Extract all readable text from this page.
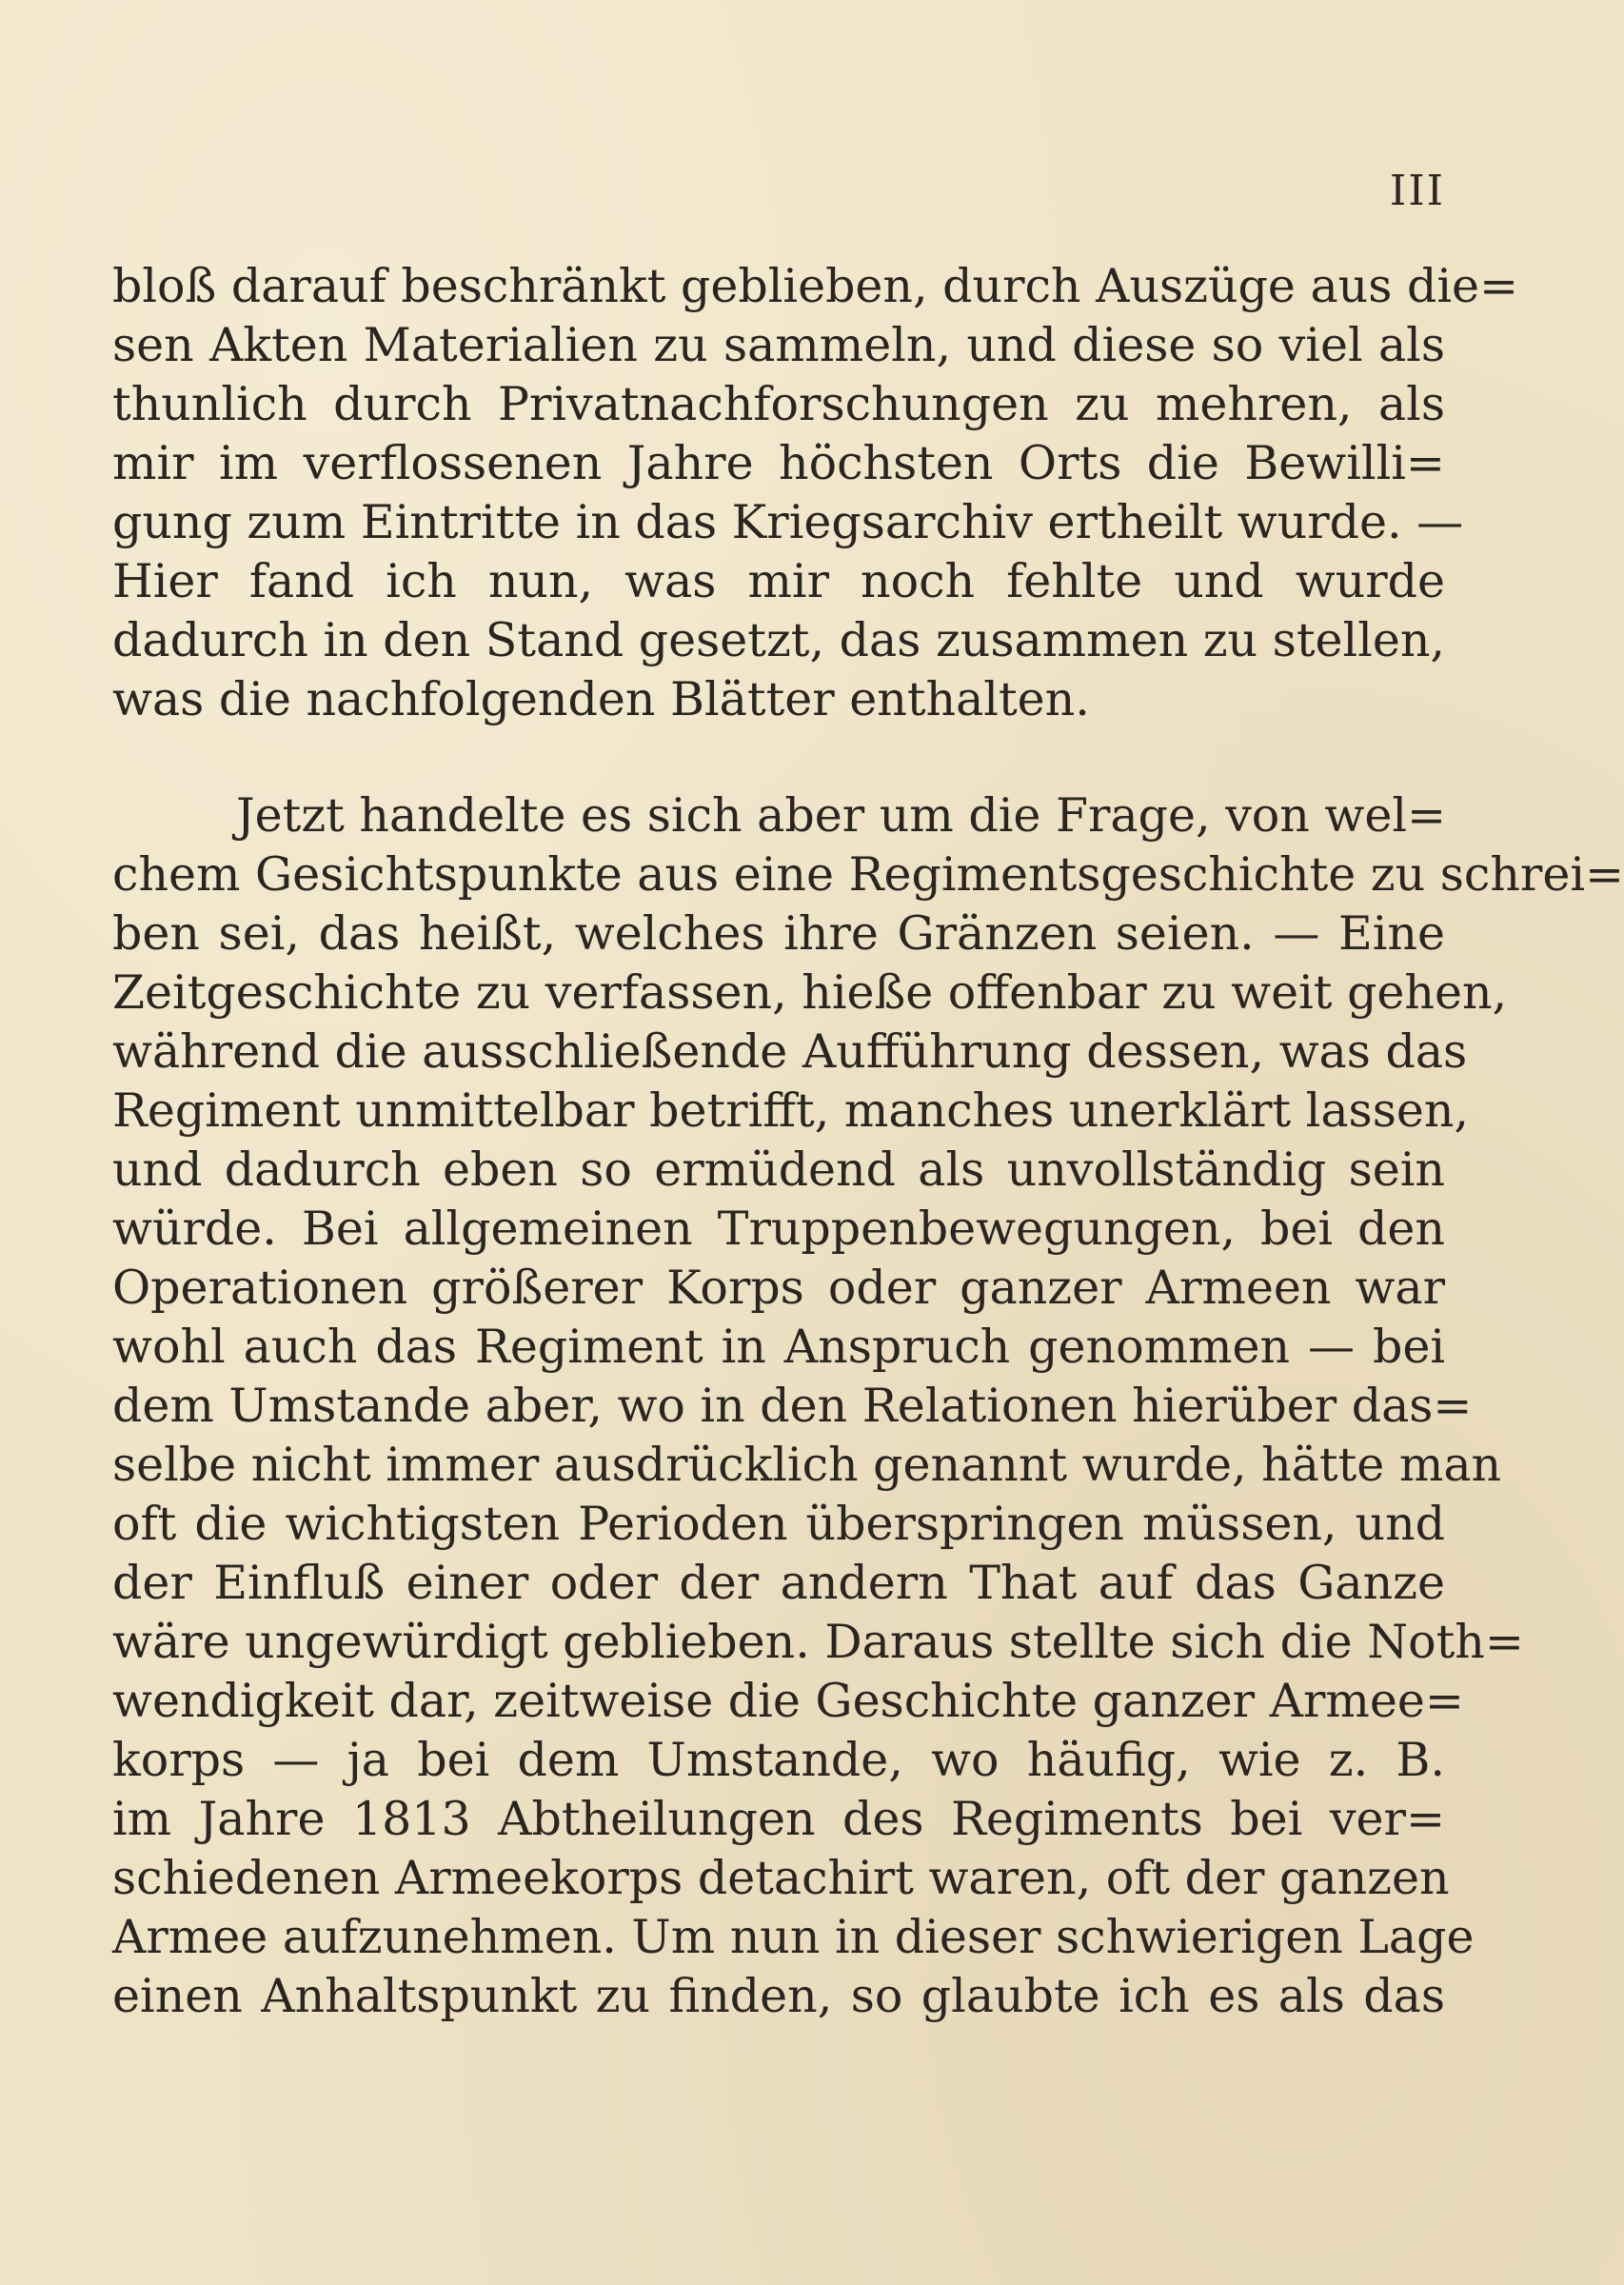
III

bloß darauf beschränkt geblieben, durch Auszüge aus die=
sen Akten Materialien zu sammeln, und diese so viel als
thunlich durch Privatnachforschungen zu mehren, als
mir im verflossenen Jahre höchsten Orts die Bewilli=
gung zum Eintritte in das Kriegsarchiv ertheilt wurde. —
Hier fand ich nun, was mir noch fehlte und wurde
dadurch in den Stand gesetzt, das zusammen zu stellen,
was die nachfolgenden Blätter enthalten.

Jetzt handelte es sich aber um die Frage, von wel=
chem Gesichtspunkte aus eine Regimentsgeschichte zu schrei=
ben sei, das heißt, welches ihre Gränzen seien. — Eine
Zeitgeschichte zu verfassen, hieße offenbar zu weit gehen,
während die ausschließende Aufführung dessen, was das
Regiment unmittelbar betrifft, manches unerklärt lassen,
und dadurch eben so ermüdend als unvollständig sein
würde. Bei allgemeinen Truppenbewegungen, bei den
Operationen größerer Korps oder ganzer Armeen war
wohl auch das Regiment in Anspruch genommen — bei
dem Umstande aber, wo in den Relationen hierüber das=
selbe nicht immer ausdrücklich genannt wurde, hätte man
oft die wichtigsten Perioden überspringen müssen, und
der Einfluß einer oder der andern That auf das Ganze
wäre ungewürdigt geblieben. Daraus stellte sich die Noth=
wendigkeit dar, zeitweise die Geschichte ganzer Armee=
korps — ja bei dem Umstande, wo häufig, wie z. B.
im Jahre 1813 Abtheilungen des Regiments bei ver=
schiedenen Armeekorps detachirt waren, oft der ganzen
Armee aufzunehmen. Um nun in dieser schwierigen Lage
einen Anhaltspunkt zu finden, so glaubte ich es als das
